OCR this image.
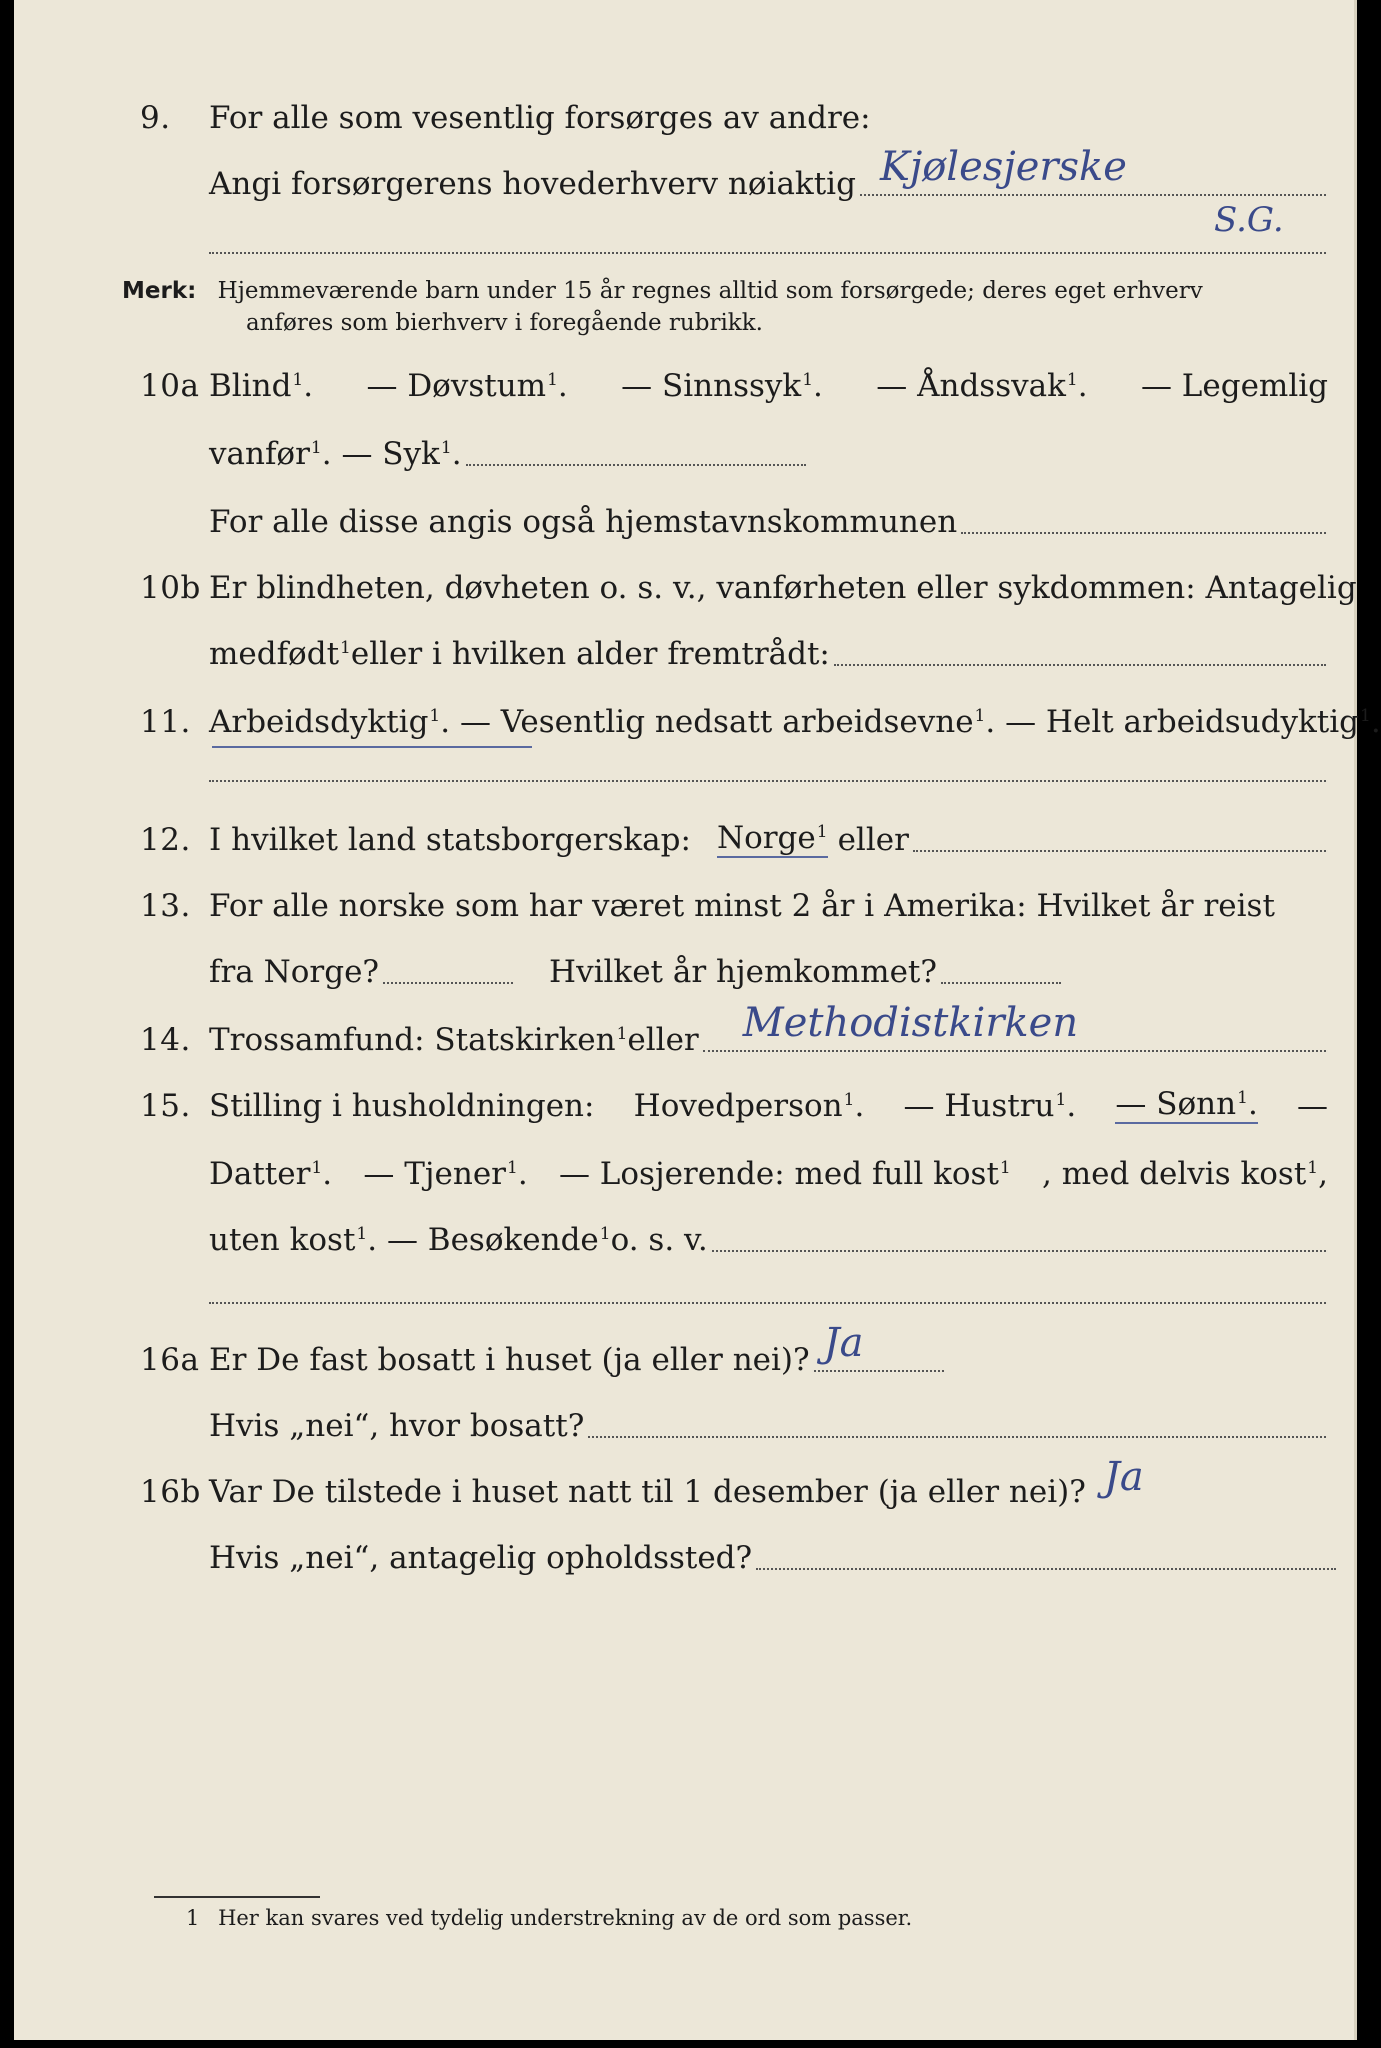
9. For alle som vesentlig forsørges av andre:
Angi forsørgerens hovederhverv nøiaktig Kjølesjerske
S.G.
Merk: Hjemmeværende barn under 15 år regnes alltid som forsørgede; deres eget erhverv
anføres som bierhverv i foregående rubrikk.
10a Blind$^1$. — Døvstum$^1$. — Sinnssyk$^1$. — Åndssvak$^1$. — Legemlig
vanfør$^1$ . — Syk$^1$.
For alle disse angis også hjemstavnskommunen
10b Er blindheten, døvheten o. s. v., vanførheten eller sykdommen: Antagelig
medfødt$^1$ eller i hvilken alder fremtrådt:
11. Arbeidsdyktig$^1$ . — Vesentlig nedsatt arbeidsevne$^1$ . — Helt arbeidsudyktig$^1$.
12. I hvilket land statsborgerskap: Norge$^1$ eller
13. For alle norske som har været minst 2 år i Amerika: Hvilket år reist
fra Norge?	Hvilket år hjemkommet?
14. Trossamfund: Statskirken$^1$ eller Methodistkirken
15. Stilling i husholdningen: Hovedperson$^1$. — Hustru$^1$. — Sønn$^1$. —
Datter$^1$. — Tjener$^1$. — Losjerende: med full kost$^1$ , med delvis kost$^1$,
uten kost$^1$ . — Besøkende$^1$ o. s. v.
16a Er De fast bosatt i huset (ja eller nei)? Ja
Hvis „nei“, hvor bosatt?
16b Var De tilstede i huset natt til 1 desember (ja eller nei)? Ja
Hvis „nei“, antagelig opholdssted?
1 Her kan svares ved tydelig understrekning av de ord som passer.
